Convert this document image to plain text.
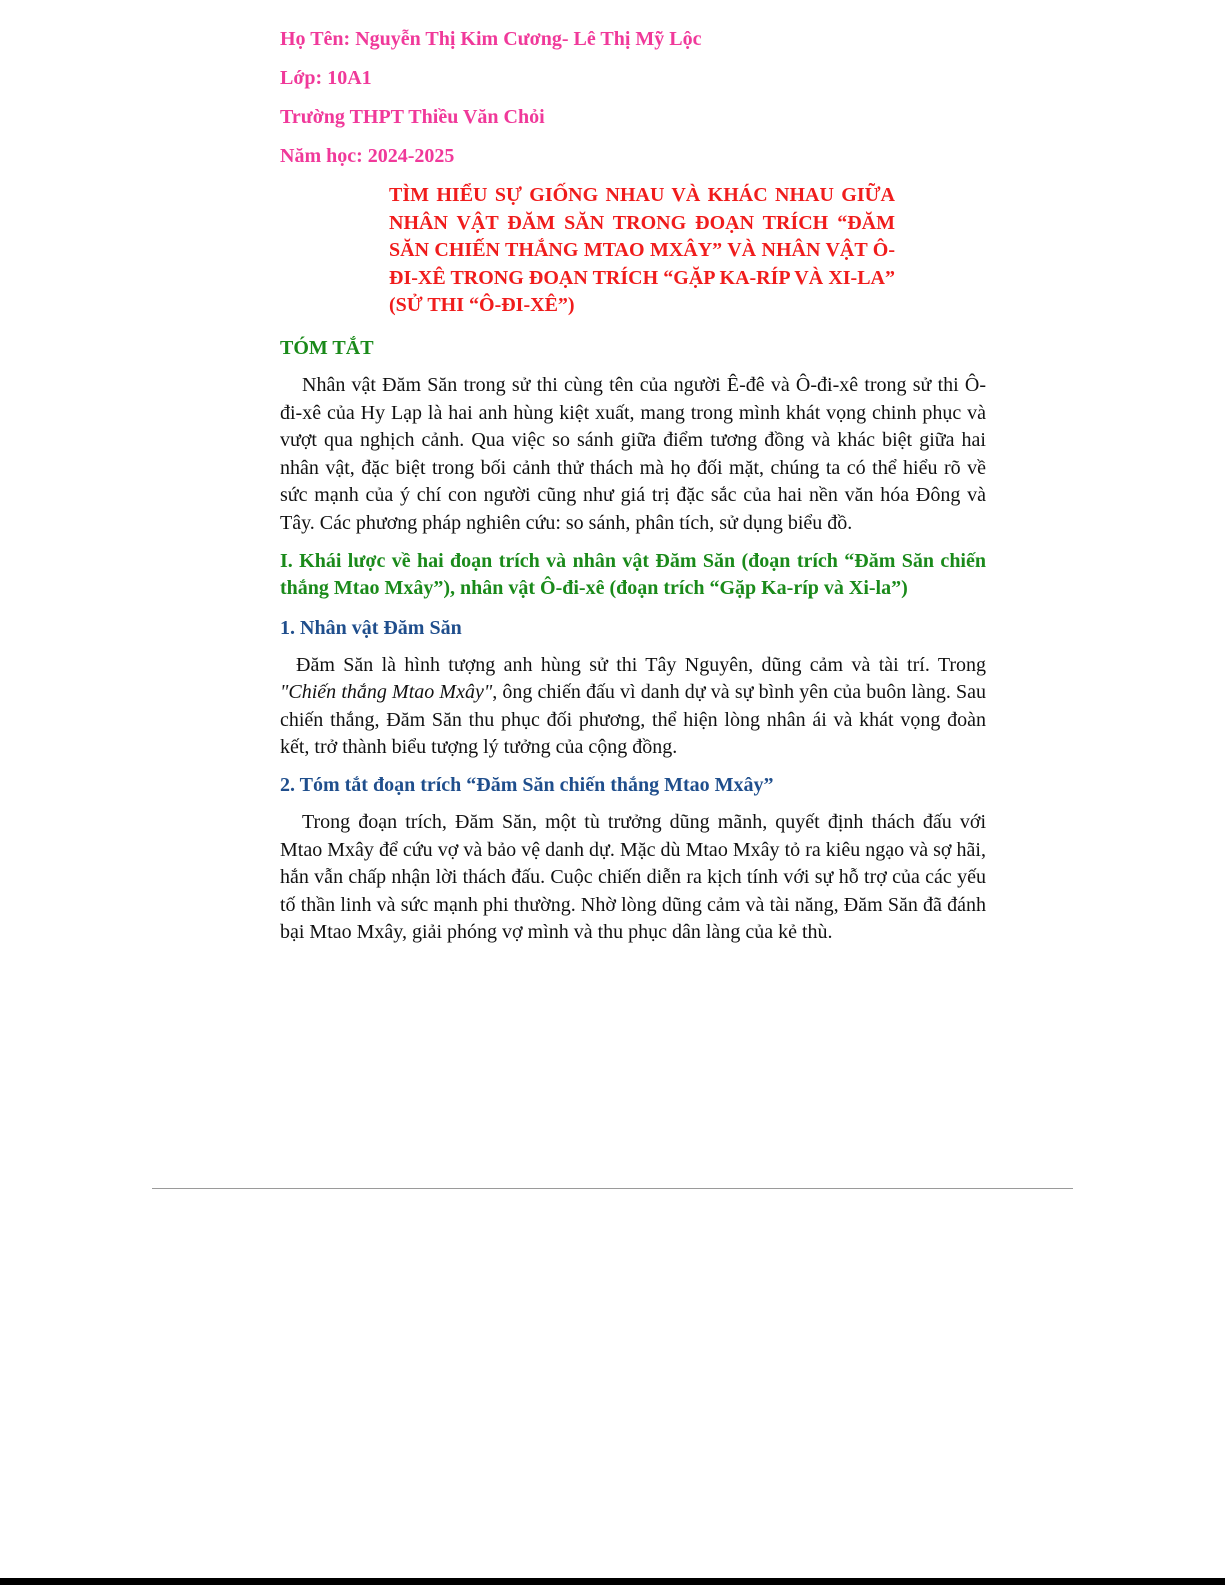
Họ Tên: Nguyễn Thị Kim Cương- Lê Thị Mỹ Lộc

Lớp: 10A1

Trường THPT Thiều Văn Chỏi

Năm học: 2024-2025

TÌM HIỂU SỰ GIỐNG NHAU VÀ KHÁC NHAU GIỮA NHÂN VẬT ĐĂM SĂN TRONG ĐOẠN TRÍCH “ĐĂM SĂN CHIẾN THẮNG MTAO MXÂY” VÀ NHÂN VẬT Ô-ĐI-XÊ TRONG ĐOẠN TRÍCH “GẶP KA-RÍP VÀ XI-LA” (SỬ THI “Ô-ĐI-XÊ”)
TÓM TẮT

Nhân vật Đăm Săn trong sử thi cùng tên của người Ê-đê và Ô-đi-xê trong sử thi Ô-đi-xê của Hy Lạp là hai anh hùng kiệt xuất, mang trong mình khát vọng chinh phục và vượt qua nghịch cảnh. Qua việc so sánh giữa điểm tương đồng và khác biệt giữa hai nhân vật, đặc biệt trong bối cảnh thử thách mà họ đối mặt, chúng ta có thể hiểu rõ về sức mạnh của ý chí con người cũng như giá trị đặc sắc của hai nền văn hóa Đông và Tây. Các phương pháp nghiên cứu: so sánh, phân tích, sử dụng biểu đồ.

I. Khái lược về hai đoạn trích và nhân vật Đăm Săn (đoạn trích “Đăm Săn chiến thắng Mtao Mxây”), nhân vật Ô-đi-xê (đoạn trích “Gặp Ka-ríp và Xi-la”)
1. Nhân vật Đăm Săn

Đăm Săn là hình tượng anh hùng sử thi Tây Nguyên, dũng cảm và tài trí. Trong "Chiến thắng Mtao Mxây", ông chiến đấu vì danh dự và sự bình yên của buôn làng. Sau chiến thắng, Đăm Săn thu phục đối phương, thể hiện lòng nhân ái và khát vọng đoàn kết, trở thành biểu tượng lý tưởng của cộng đồng.

2. Tóm tắt đoạn trích “Đăm Săn chiến thắng Mtao Mxây”

Trong đoạn trích, Đăm Săn, một tù trưởng dũng mãnh, quyết định thách đấu với Mtao Mxây để cứu vợ và bảo vệ danh dự. Mặc dù Mtao Mxây tỏ ra kiêu ngạo và sợ hãi, hắn vẫn chấp nhận lời thách đấu. Cuộc chiến diễn ra kịch tính với sự hỗ trợ của các yếu tố thần linh và sức mạnh phi thường. Nhờ lòng dũng cảm và tài năng, Đăm Săn đã đánh bại Mtao Mxây, giải phóng vợ mình và thu phục dân làng của kẻ thù.
